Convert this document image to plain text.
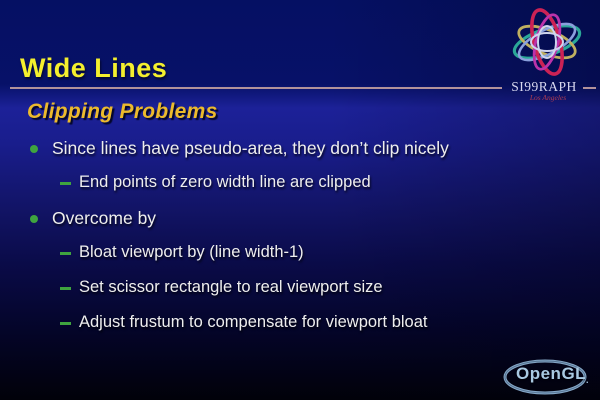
Wide Lines
Clipping Problems
Since lines have pseudo-area, they don’t clip nicely
End points of zero width line are clipped
Overcome by
Bloat viewport by (line width-1)
Set scissor rectangle to real viewport size
Adjust frustum to compensate for viewport bloat
SI99RAPH
Los Angeles
OpenGL .
